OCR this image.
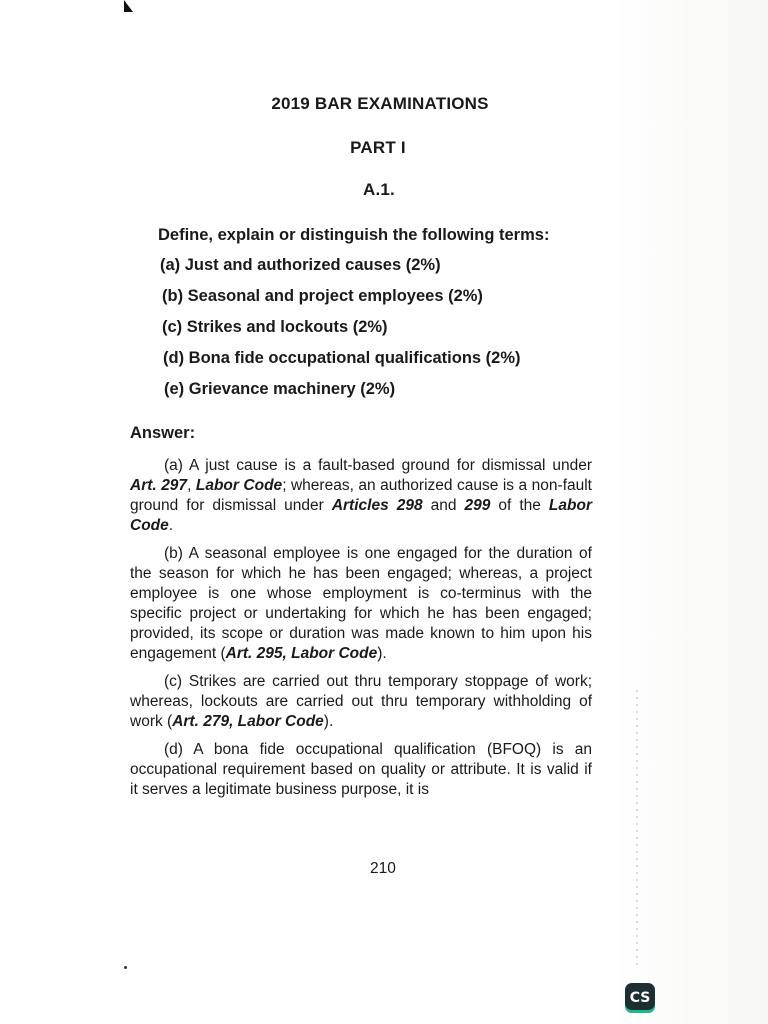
2019 BAR EXAMINATIONS
PART I
A.1.
Define, explain or distinguish the following terms:
(a) Just and authorized causes (2%)
(b) Seasonal and project employees (2%)
(c) Strikes and lockouts (2%)
(d) Bona fide occupational qualifications (2%)
(e) Grievance machinery (2%)
Answer:

(a) A just cause is a fault-based ground for dismissal under Art. 297, Labor Code; whereas, an authorized cause is a non-fault ground for dismissal under Articles 298 and 299 of the Labor Code.

(b) A seasonal employee is one engaged for the duration of the season for which he has been engaged; whereas, a project employee is one whose employment is co-terminus with the specific project or undertaking for which he has been engaged; provided, its scope or duration was made known to him upon his engagement (Art. 295, Labor Code).

(c) Strikes are carried out thru temporary stoppage of work; whereas, lockouts are carried out thru temporary withholding of work (Art. 279, Labor Code).

(d) A bona fide occupational qualification (BFOQ) is an occupational requirement based on quality or attribute. It is valid if it serves a legitimate business purpose, it is

210
CS
